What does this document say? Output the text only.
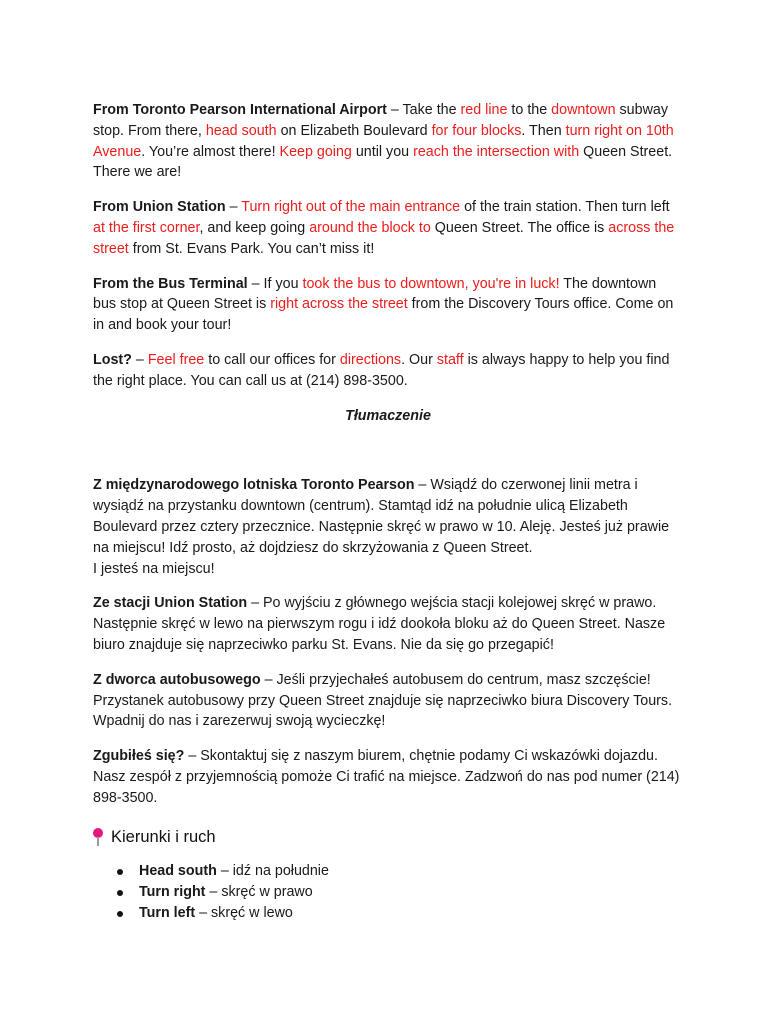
From Toronto Pearson International Airport – Take the red line to the downtown subway stop. From there, head south on Elizabeth Boulevard for four blocks. Then turn right on 10th Avenue. You’re almost there! Keep going until you reach the intersection with Queen Street. There we are!

From Union Station – Turn right out of the main entrance of the train station. Then turn left at the first corner, and keep going around the block to Queen Street. The office is across the street from St. Evans Park. You can’t miss it!

From the Bus Terminal – If you took the bus to downtown, you're in luck! The downtown bus stop at Queen Street is right across the street from the Discovery Tours office. Come on in and book your tour!

Lost? – Feel free to call our offices for directions. Our staff is always happy to help you find the right place. You can call us at (214) 898-3500.

Tłumaczenie

Z międzynarodowego lotniska Toronto Pearson – Wsiądź do czerwonej linii metra i wysiądź na przystanku downtown (centrum). Stamtąd idź na południe ulicą Elizabeth Boulevard przez cztery przecznice. Następnie skręć w prawo w 10. Aleję. Jesteś już prawie na miejscu! Idź prosto, aż dojdziesz do skrzyżowania z Queen Street.
I jesteś na miejscu!

Ze stacji Union Station – Po wyjściu z głównego wejścia stacji kolejowej skręć w prawo. Następnie skręć w lewo na pierwszym rogu i idź dookoła bloku aż do Queen Street. Nasze biuro znajduje się naprzeciwko parku St. Evans. Nie da się go przegapić!

Z dworca autobusowego – Jeśli przyjechałeś autobusem do centrum, masz szczęście! Przystanek autobusowy przy Queen Street znajduje się naprzeciwko biura Discovery Tours. Wpadnij do nas i zarezerwuj swoją wycieczkę!

Zgubiłeś się? – Skontaktuj się z naszym biurem, chętnie podamy Ci wskazówki dojazdu. Nasz zespół z przyjemnością pomoże Ci trafić na miejsce. Zadzwoń do nas pod numer (214) 898-3500.

Kierunki i ruch
Head south – idź na południe
Turn right – skręć w prawo
Turn left – skręć w lewo
